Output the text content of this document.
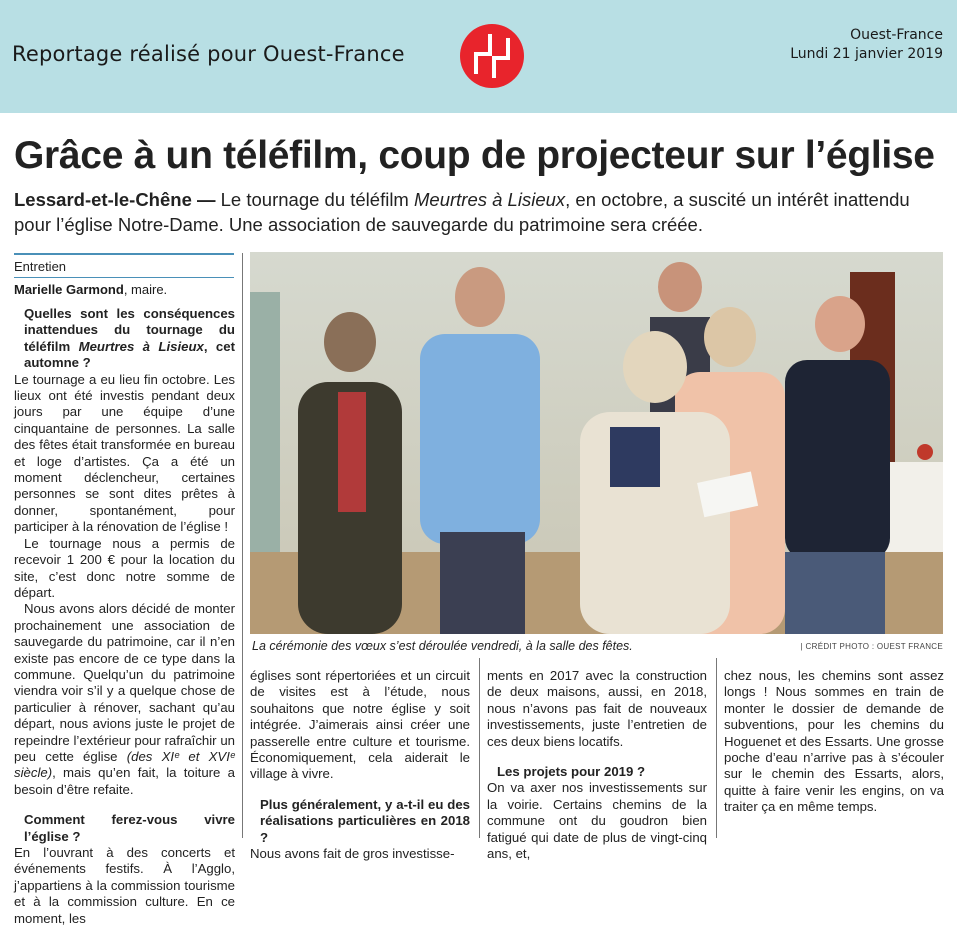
Reportage réalisé pour Ouest-France
Ouest-France
Lundi 21 janvier 2019
Grâce à un téléfilm, coup de projecteur sur l’église
Lessard-et-le-Chêne — Le tournage du téléfilm Meurtres à Lisieux, en octobre, a suscité un intérêt inattendu pour l’église Notre-Dame. Une association de sauvegarde du patrimoine sera créée.
Entretien
Marielle Garmond, maire.

Quelles sont les conséquences inattendues du tournage du téléfilm Meurtres à Lisieux, cet automne ?

Le tournage a eu lieu fin octobre. Les lieux ont été investis pendant deux jours par une équipe d’une cinquantaine de personnes. La salle des fêtes était transformée en bureau et loge d’artistes. Ça a été un moment déclencheur, certaines personnes se sont dites prêtes à donner, spontanément, pour participer à la rénovation de l’église !

Le tournage nous a permis de recevoir 1 200 € pour la location du site, c’est donc notre somme de départ.

Nous avons alors décidé de monter prochainement une association de sauvegarde du patrimoine, car il n’en existe pas encore de ce type dans la commune. Quelqu’un du patrimoine viendra voir s’il y a quelque chose de particulier à rénover, sachant qu’au départ, nous avions juste le projet de repeindre l’extérieur pour rafraîchir un peu cette église (des XIᵉ et XVIᵉ siècle), mais qu’en fait, la toiture a besoin d’être refaite.

Comment ferez-vous vivre l’église ?

En l’ouvrant à des concerts et événements festifs. À l’Agglo, j’appartiens à la commission tourisme et à la commission culture. En ce moment, les

La cérémonie des vœux s’est déroulée vendredi, à la salle des fêtes.	| CRÉDIT PHOTO : OUEST FRANCE

églises sont répertoriées et un circuit de visites est à l’étude, nous souhaitons que notre église y soit intégrée. J’aimerais ainsi créer une passerelle entre culture et tourisme. Économiquement, cela aiderait le village à vivre.

Plus généralement, y a-t-il eu des réalisations particulières en 2018 ?

Nous avons fait de gros investisse-

ments en 2017 avec la construction de deux maisons, aussi, en 2018, nous n’avons pas fait de nouveaux investissements, juste l’entretien de ces deux biens locatifs.

Les projets pour 2019 ?

On va axer nos investissements sur la voirie. Certains chemins de la commune ont du goudron bien fatigué qui date de plus de vingt-cinq ans, et,

chez nous, les chemins sont assez longs ! Nous sommes en train de monter le dossier de demande de subventions, pour les chemins du Hoguenet et des Essarts. Une grosse poche d’eau n’arrive pas à s’écouler sur le chemin des Essarts, alors, quitte à faire venir les engins, on va traiter ça en même temps.
